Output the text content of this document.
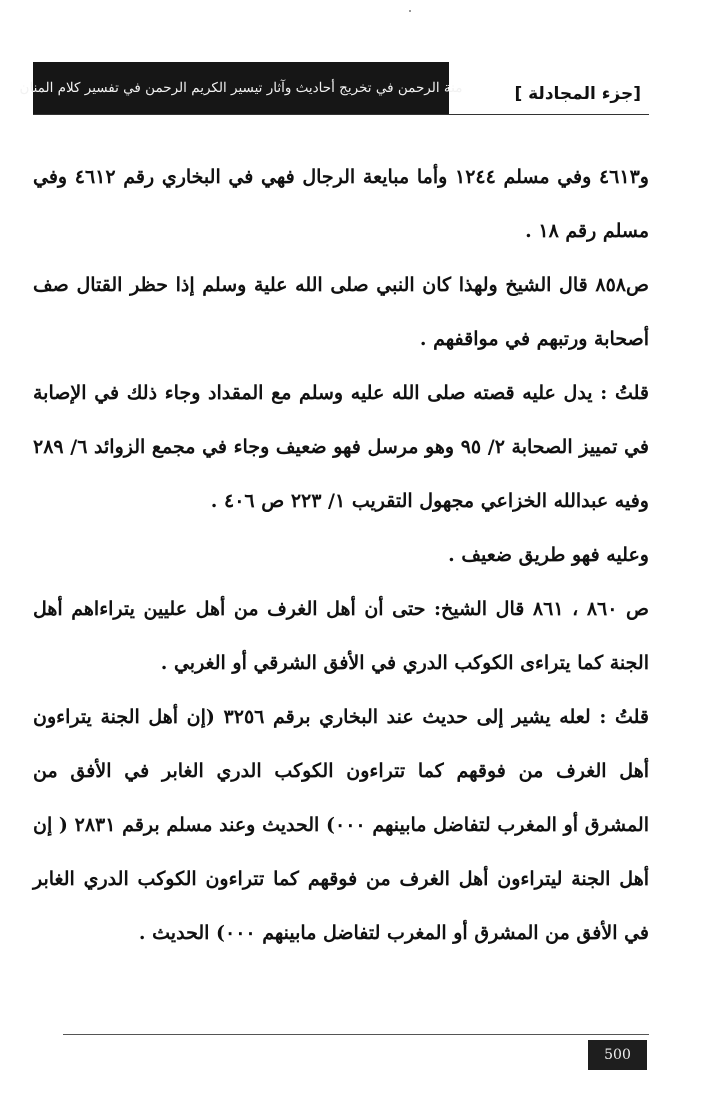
منة الرحمن في تخريج أحاديث وآثار تيسير الكريم الرحمن في تفسير كلام المنان	[جزء المجادلة ]

و٤٦١٣ وفي مسلم ١٢٤٤ وأما مبايعة الرجال فهي في البخاري رقم ٤٦١٢ وفي مسلم رقم ١٨ .

ص٨٥٨ قال الشيخ ولهذا كان النبي صلى الله علية وسلم إذا حظر القتال صف أصحابة ورتبهم في مواقفهم .

قلتُ : يدل عليه قصته صلى الله عليه وسلم مع المقداد وجاء ذلك في الإصابة في تمييز الصحابة ٢/ ٩٥ وهو مرسل فهو ضعيف وجاء في مجمع الزوائد ٦/ ٢٨٩ وفيه عبدالله الخزاعي مجهول التقريب ١/ ٢٢٣ ص ٤٠٦ .

وعليه فهو طريق ضعيف .

ص ٨٦٠ ، ٨٦١ قال الشيخ: حتى أن أهل الغرف من أهل عليين يتراءاهم أهل الجنة كما يتراءى الكوكب الدري في الأفق الشرقي أو الغربي .

قلتُ : لعله يشير إلى حديث عند البخاري برقم ٣٢٥٦ (إن أهل الجنة يتراءون أهل الغرف من فوقهم كما تتراءون الكوكب الدري الغابر في الأفق من المشرق أو المغرب لتفاضل مابينهم ٠٠٠) الحديث وعند مسلم برقم ٢٨٣١ ( إن أهل الجنة ليتراءون أهل الغرف من فوقهم كما تتراءون الكوكب الدري الغابر في الأفق من المشرق أو المغرب لتفاضل مابينهم ٠٠٠) الحديث .

500
